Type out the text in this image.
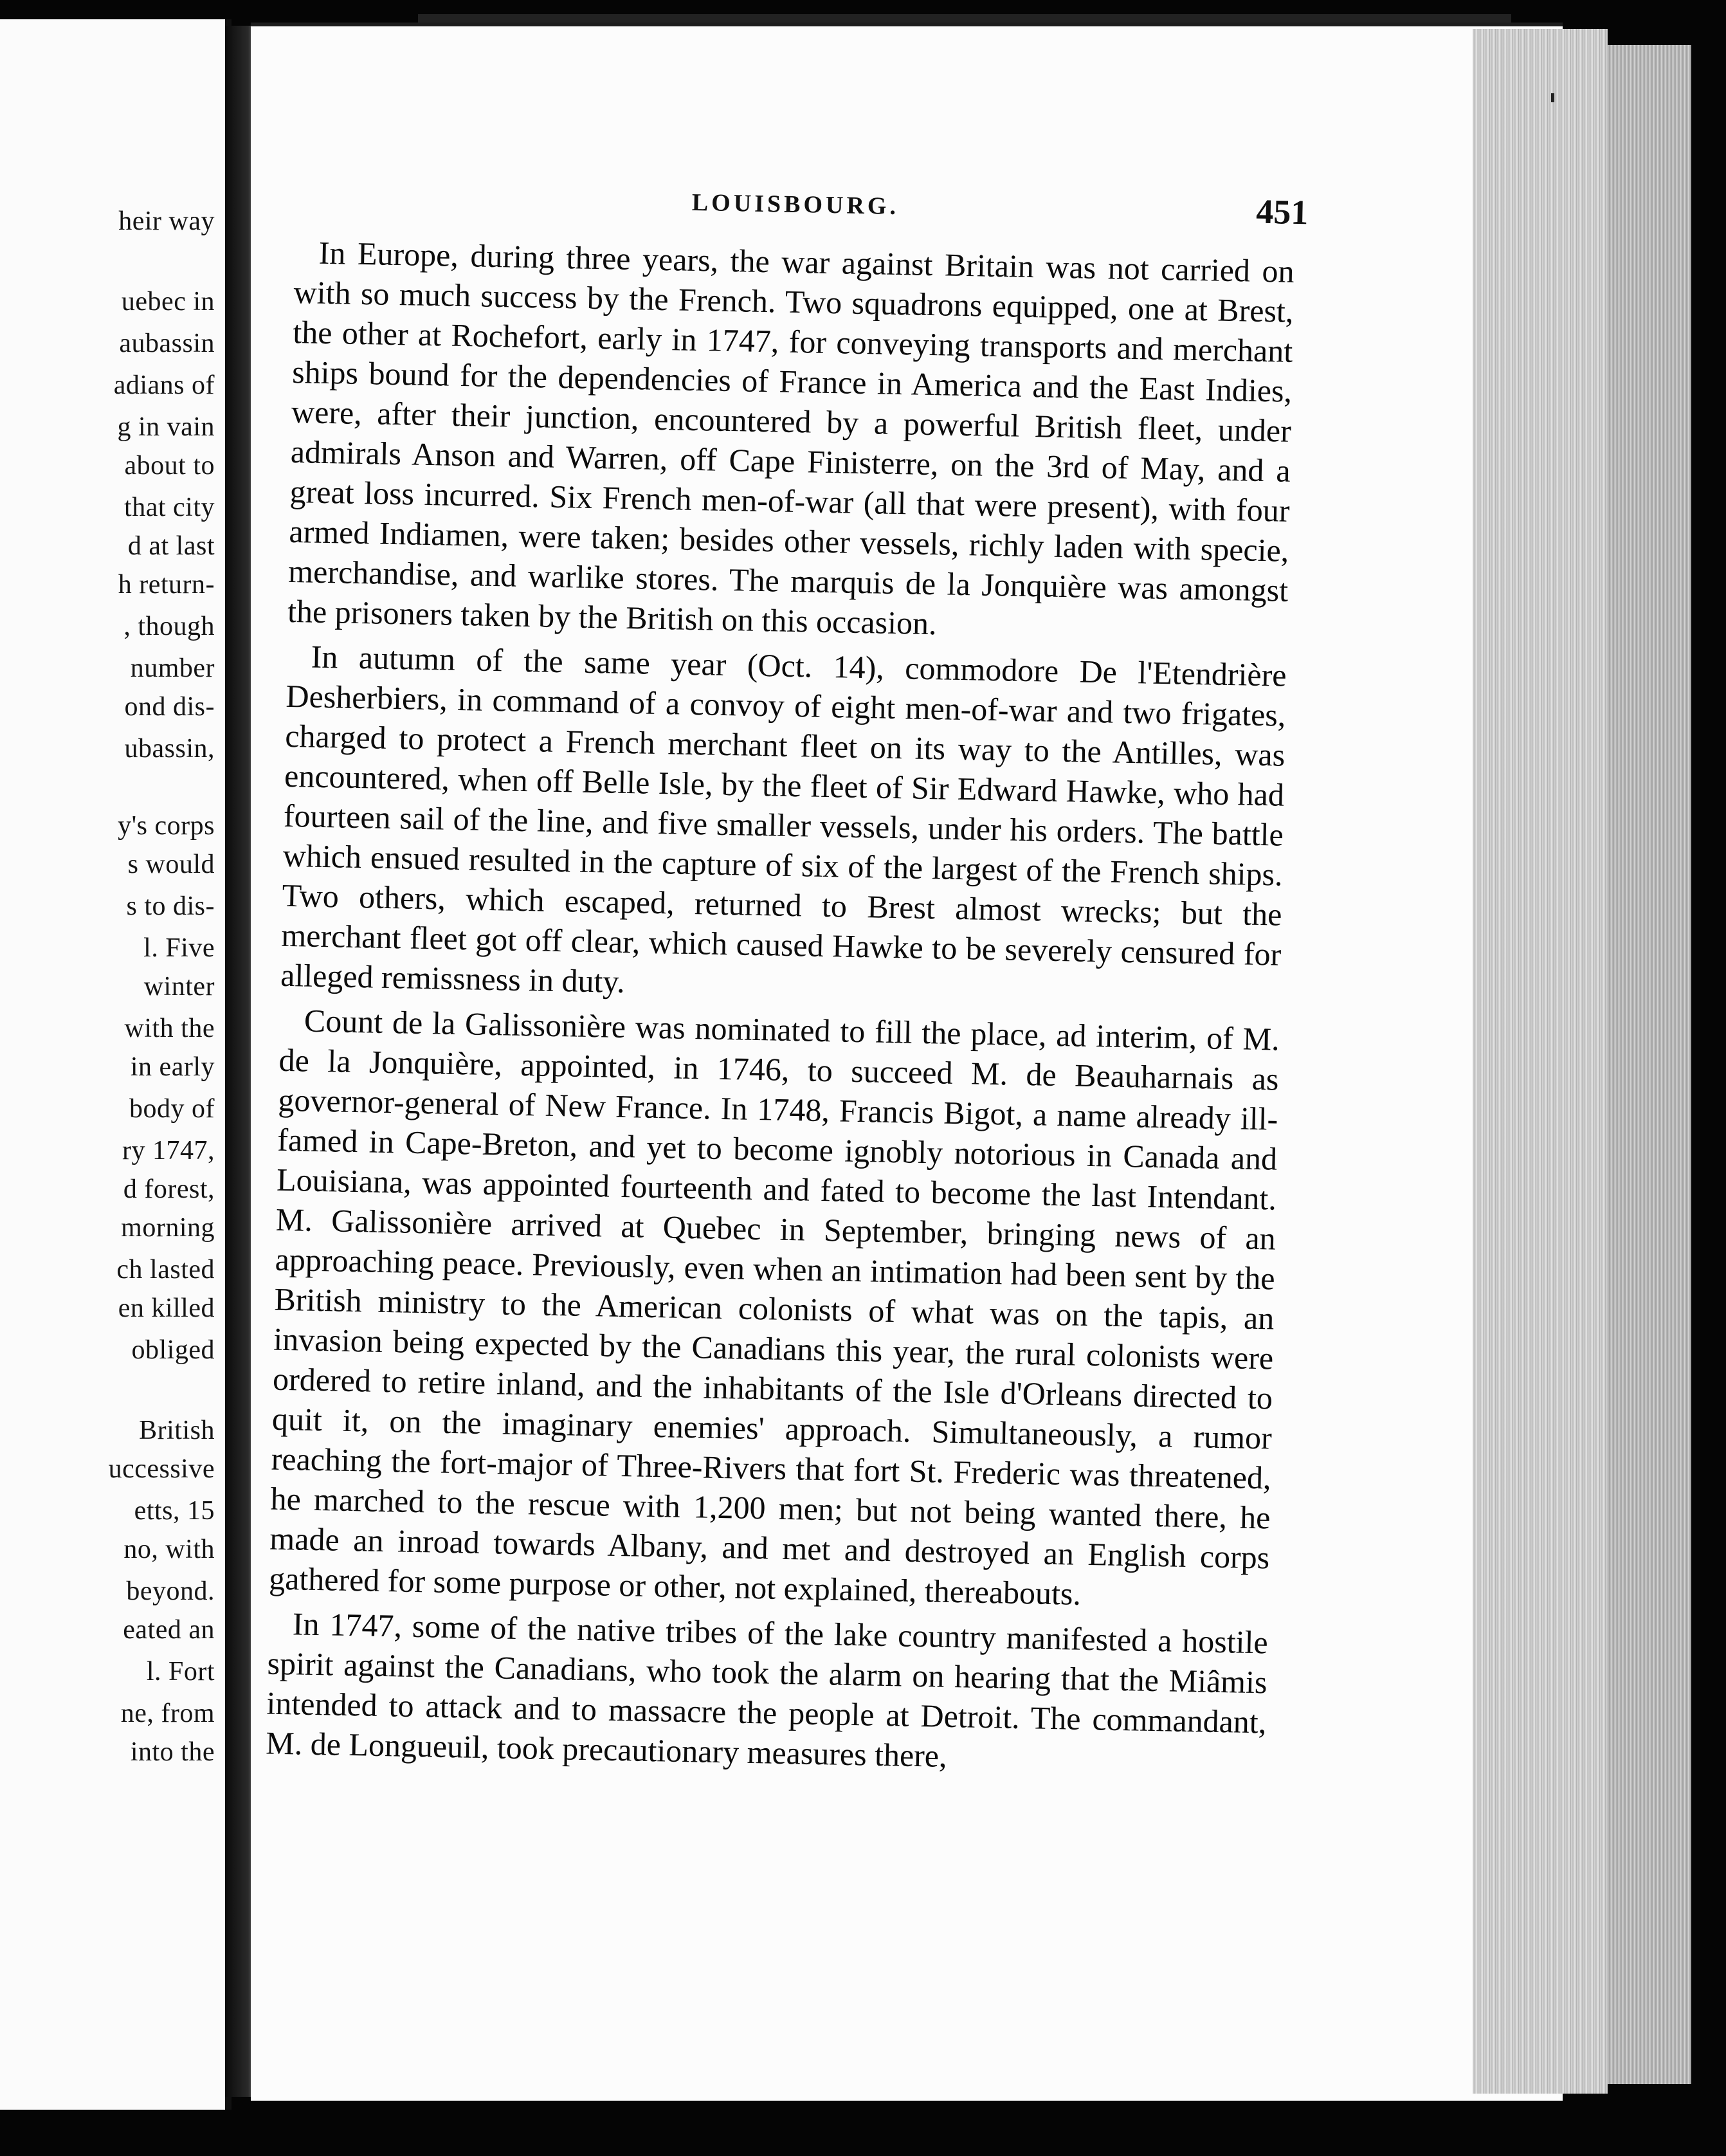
heir way
uebec in
aubassin
adians of
g in vain
about to
that city
d at last
h return-
, though
number
ond dis-
ubassin,
y's corps
s would
s to dis-
l. Five
winter
with the
in early
body of
ry 1747,
d forest,
morning
ch lasted
en killed
obliged
British
uccessive
etts, 15
no, with
beyond.
eated an
l. Fort
ne, from
into the
LOUISBOURG.	451

In Europe, during three years, the war against Britain was not carried on with so much success by the French. Two squadrons equipped, one at Brest, the other at Rochefort, early in 1747, for conveying transports and merchant ships bound for the dependencies of France in America and the East Indies, were, after their junction, encountered by a powerful British fleet, under admirals Anson and Warren, off Cape Finisterre, on the 3rd of May, and a great loss incurred. Six French men-of-war (all that were present), with four armed Indiamen, were taken; besides other vessels, richly laden with specie, merchandise, and warlike stores. The marquis de la Jonquière was amongst the prisoners taken by the British on this occasion.

In autumn of the same year (Oct. 14), commodore De l'Etendrière Desherbiers, in command of a convoy of eight men-of-war and two frigates, charged to protect a French merchant fleet on its way to the Antilles, was encountered, when off Belle Isle, by the fleet of Sir Edward Hawke, who had fourteen sail of the line, and five smaller vessels, under his orders. The battle which ensued resulted in the capture of six of the largest of the French ships. Two others, which escaped, returned to Brest almost wrecks; but the merchant fleet got off clear, which caused Hawke to be severely censured for alleged remissness in duty.

Count de la Galissonière was nominated to fill the place, ad interim, of M. de la Jonquière, appointed, in 1746, to succeed M. de Beauharnais as governor-general of New France. In 1748, Francis Bigot, a name already ill-famed in Cape-Breton, and yet to become ignobly notorious in Canada and Louisiana, was appointed fourteenth and fated to become the last Intendant. M. Galissonière arrived at Quebec in September, bringing news of an approaching peace. Previously, even when an intimation had been sent by the British ministry to the American colonists of what was on the tapis, an invasion being expected by the Canadians this year, the rural colonists were ordered to retire inland, and the inhabitants of the Isle d'Orleans directed to quit it, on the imaginary enemies' approach. Simultaneously, a rumor reaching the fort-major of Three-Rivers that fort St. Frederic was threatened, he marched to the rescue with 1,200 men; but not being wanted there, he made an inroad towards Albany, and met and destroyed an English corps gathered for some purpose or other, not explained, thereabouts.

In 1747, some of the native tribes of the lake country manifested a hostile spirit against the Canadians, who took the alarm on hearing that the Miâmis intended to attack and to massacre the people at Detroit. The commandant, M. de Longueuil, took precautionary measures there,
